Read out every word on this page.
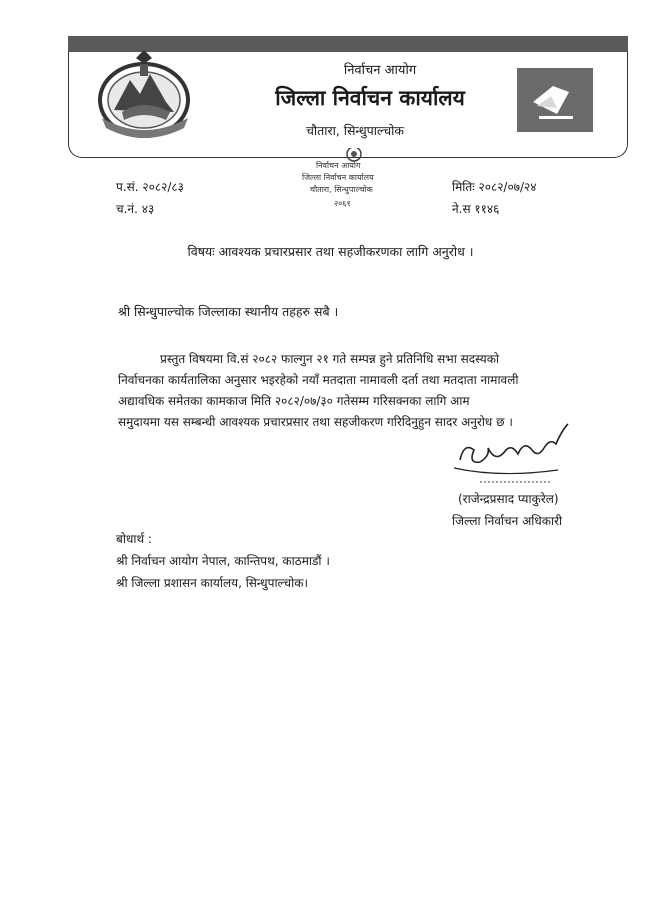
निर्वाचन आयोग
जिल्ला निर्वाचन कार्यालय
चौतारा, सिन्धुपाल्चोक
निर्वाचन आयोग
जिल्ला निर्वाचन कार्यालय
चौतारा, सिन्धुपाल्चोक
२०६१
प.सं. २०८२/८३
च.नं. ४३
मितिः २०८२/०७/२४
ने.स ११४६
विषयः आवश्यक प्रचारप्रसार तथा सहजीकरणका लागि अनुरोध ।
श्री सिन्धुपाल्चोक जिल्लाका स्थानीय तहहरु सबै ।
प्रस्तुत विषयमा वि.सं २०८२ फाल्गुन २१ गते सम्पन्न हुने प्रतिनिधि सभा सदस्यको
निर्वाचनका कार्यतालिका अनुसार भइरहेको नयाँ मतदाता नामावली दर्ता तथा मतदाता नामावली
अद्यावधिक समेतका कामकाज मिति २०८२/०७/३० गतेसम्म गरिसक्नका लागि आम
समुदायमा यस सम्बन्धी आवश्यक प्रचारप्रसार तथा सहजीकरण गरिदिनुहुन सादर अनुरोध छ ।
(राजेन्द्रप्रसाद प्याकुरेल)
जिल्ला निर्वाचन अधिकारी
बोधार्थ :
श्री निर्वाचन आयोग नेपाल, कान्तिपथ, काठमाडौं ।
श्री जिल्ला प्रशासन कार्यालय, सिन्धुपाल्चोक।
